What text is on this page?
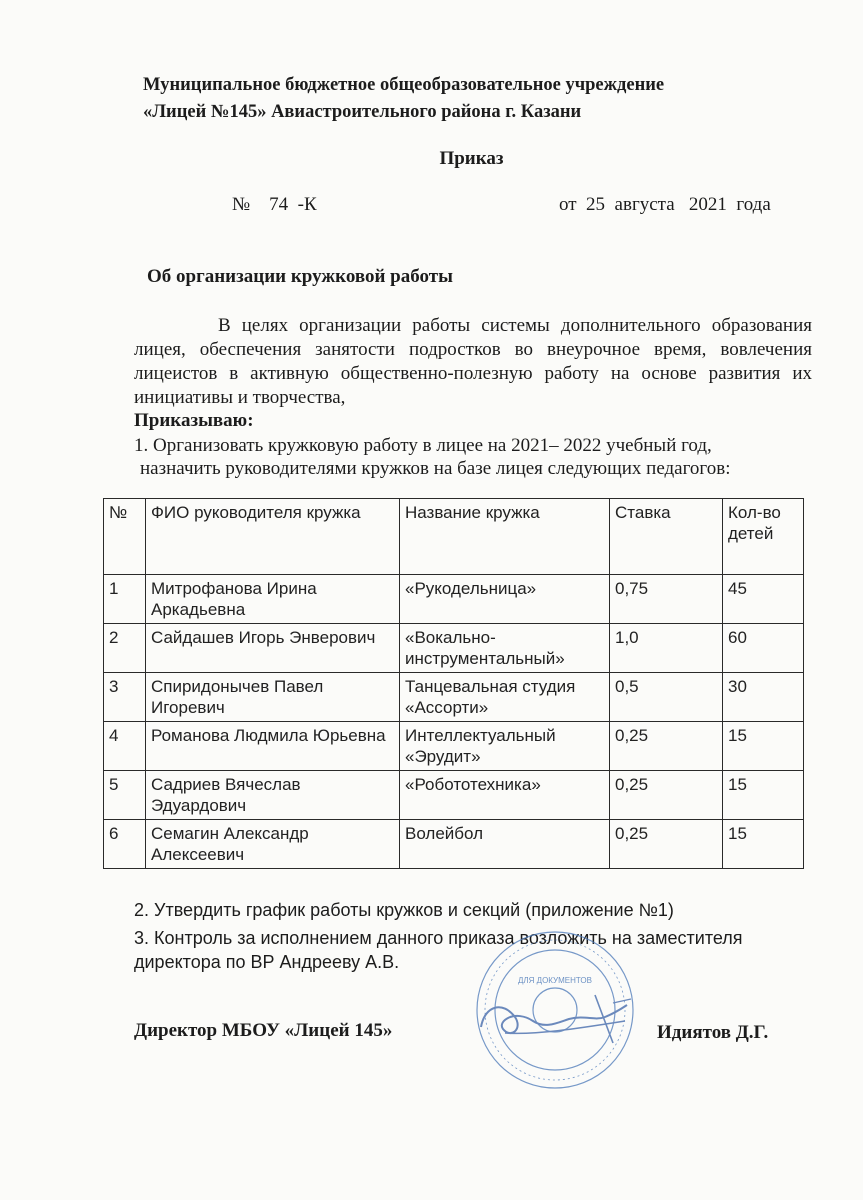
Муниципальное бюджетное общеобразовательное учреждение
«Лицей №145» Авиастроительного района г. Казани
Приказ
№    74  -К	от  25  августа   2021  года
Об организации кружковой работы
В целях организации работы системы дополнительного образования лицея, обеспечения занятости подростков во внеурочное время, вовлечения лицеистов в активную общественно-полезную работу на основе развития их инициативы и творчества,
Приказываю:
1. Организовать кружковую работу в лицее на 2021– 2022 учебный год,
назначить руководителями кружков на базе лицея следующих педагогов:
№	ФИО руководителя кружка	Название кружка	Ставка	Кол-во детей
1	Митрофанова Ирина Аркадьевна	«Рукодельница»	0,75	45
2	Сайдашев Игорь Энверович	«Вокально-инструментальный»	1,0	60
3	Спиридонычев Павел Игоревич	Танцевальная студия «Ассорти»	0,5	30
4	Романова Людмила Юрьевна	Интеллектуальный «Эрудит»	0,25	15
5	Садриев Вячеслав Эдуардович	«Робототехника»	0,25	15
6	Семагин Александр Алексеевич	Волейбол	0,25	15
2. Утвердить график работы кружков и секций (приложение №1)
3. Контроль за исполнением данного приказа возложить на заместителя
директора по ВР Андрееву А.В.
ДЛЯ ДОКУМЕНТОВ
Директор МБОУ «Лицей 145»	Идиятов Д.Г.
